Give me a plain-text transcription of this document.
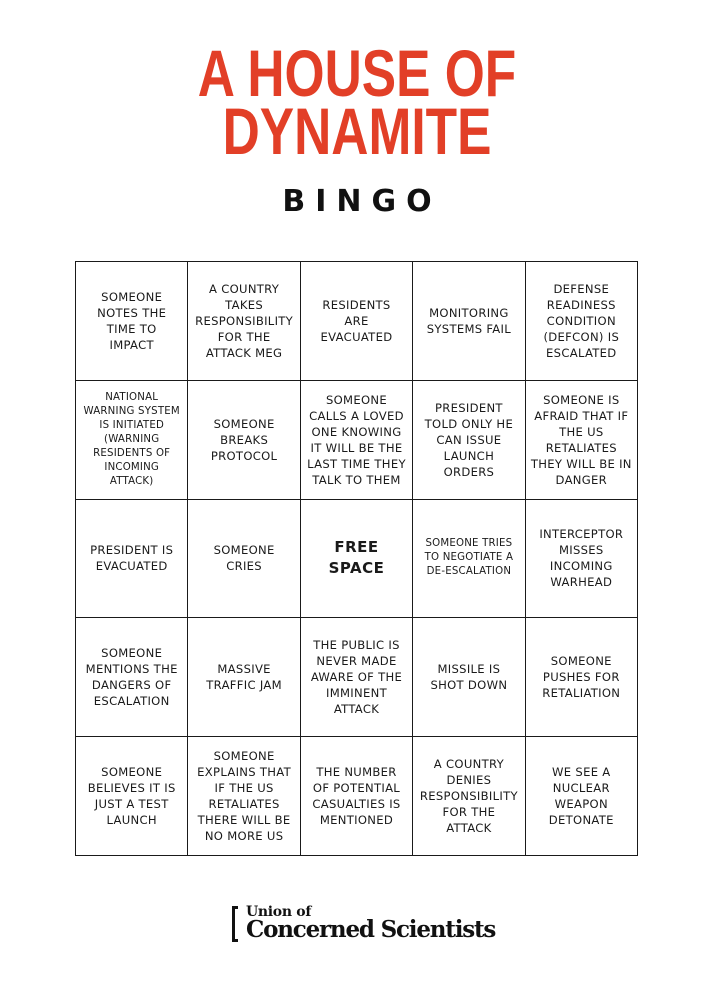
A HOUSE OF
DYNAMITE
BINGO
SOMEONE NOTES THE TIME TO IMPACT
A COUNTRY TAKES RESPONSIBILITY FOR THE ATTACK MEG
RESIDENTS ARE EVACUATED
MONITORING SYSTEMS FAIL
DEFENSE READINESS CONDITION (DEFCON) IS ESCALATED
NATIONAL WARNING SYSTEM IS INITIATED (WARNING RESIDENTS OF INCOMING ATTACK)
SOMEONE BREAKS PROTOCOL
SOMEONE CALLS A LOVED ONE KNOWING IT WILL BE THE LAST TIME THEY TALK TO THEM
PRESIDENT TOLD ONLY HE CAN ISSUE LAUNCH ORDERS
SOMEONE IS AFRAID THAT IF THE US RETALIATES THEY WILL BE IN DANGER
PRESIDENT IS EVACUATED
SOMEONE CRIES
FREE SPACE
SOMEONE TRIES TO NEGOTIATE A DE-ESCALATION
INTERCEPTOR MISSES INCOMING WARHEAD
SOMEONE MENTIONS THE DANGERS OF ESCALATION
MASSIVE TRAFFIC JAM
THE PUBLIC IS NEVER MADE AWARE OF THE IMMINENT ATTACK
MISSILE IS SHOT DOWN
SOMEONE PUSHES FOR RETALIATION
SOMEONE BELIEVES IT IS JUST A TEST LAUNCH
SOMEONE EXPLAINS THAT IF THE US RETALIATES THERE WILL BE NO MORE US
THE NUMBER OF POTENTIAL CASUALTIES IS MENTIONED
A COUNTRY DENIES RESPONSIBILITY FOR THE ATTACK
WE SEE A NUCLEAR WEAPON DETONATE
Union of
Concerned Scientists
